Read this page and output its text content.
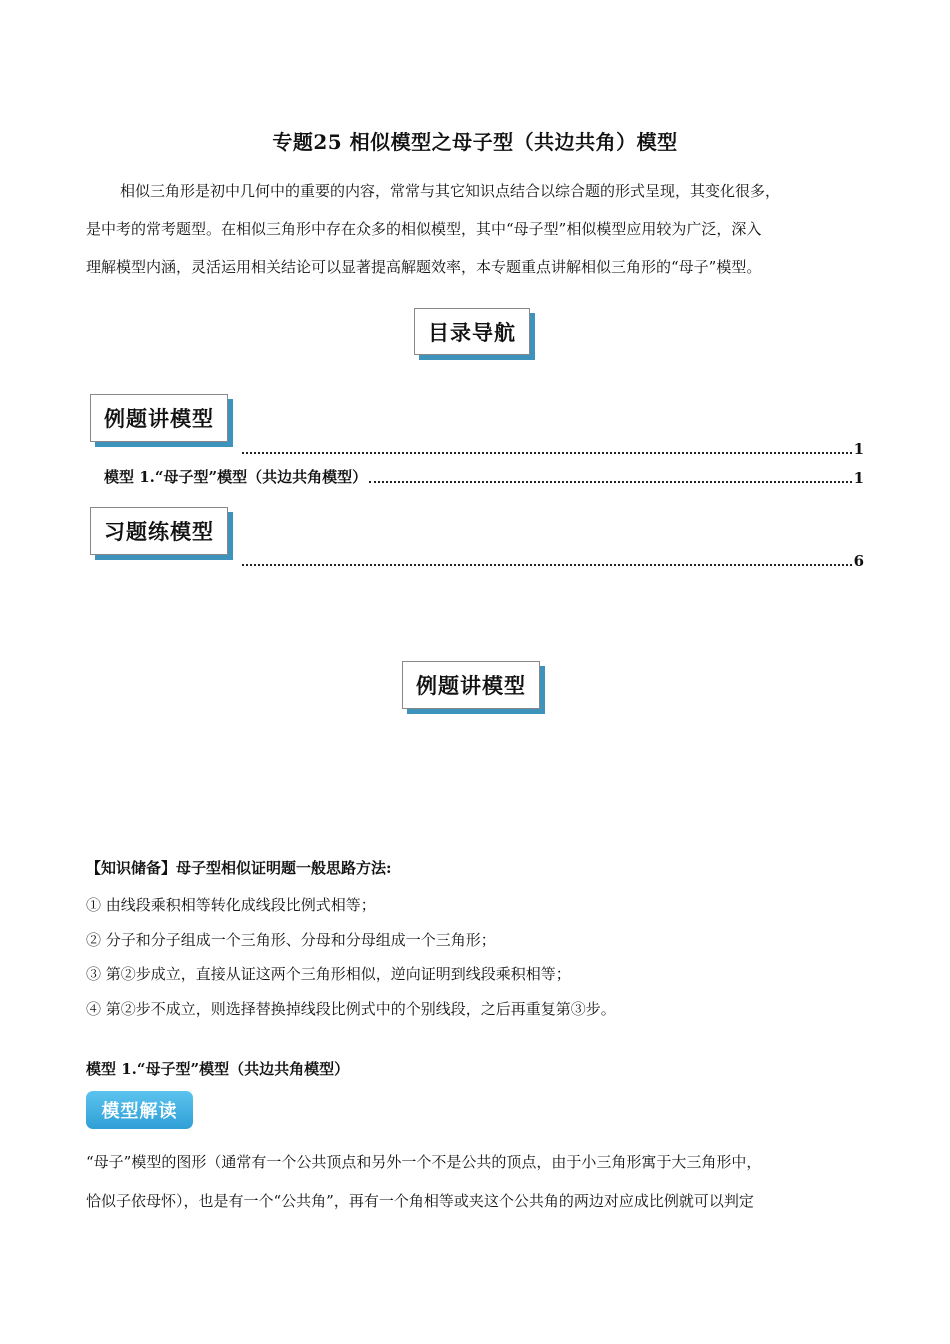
专题25 相似模型之母子型（共边共角）模型
相似三角形是初中几何中的重要的内容，常常与其它知识点结合以综合题的形式呈现，其变化很多，
是中考的常考题型。在相似三角形中存在众多的相似模型，其中“母子型”相似模型应用较为广泛，深入
理解模型内涵，灵活运用相关结论可以显著提高解题效率，本专题重点讲解相似三角形的“母子”模型。
目录导航
例题讲模型
1
模型 1.“母子型”模型（共边共角模型）	1
习题练模型
6
例题讲模型
【知识储备】母子型相似证明题一般思路方法:
① 由线段乘积相等转化成线段比例式相等；
② 分子和分子组成一个三角形、分母和分母组成一个三角形；
③ 第②步成立，直接从证这两个三角形相似，逆向证明到线段乘积相等；
④ 第②步不成立，则选择替换掉线段比例式中的个别线段，之后再重复第③步。
模型 1.“母子型”模型（共边共角模型）
模型解读
“母子”模型的图形（通常有一个公共顶点和另外一个不是公共的顶点，由于小三角形寓于大三角形中，
恰似子依母怀），也是有一个“公共角”，再有一个角相等或夹这个公共角的两边对应成比例就可以判定
